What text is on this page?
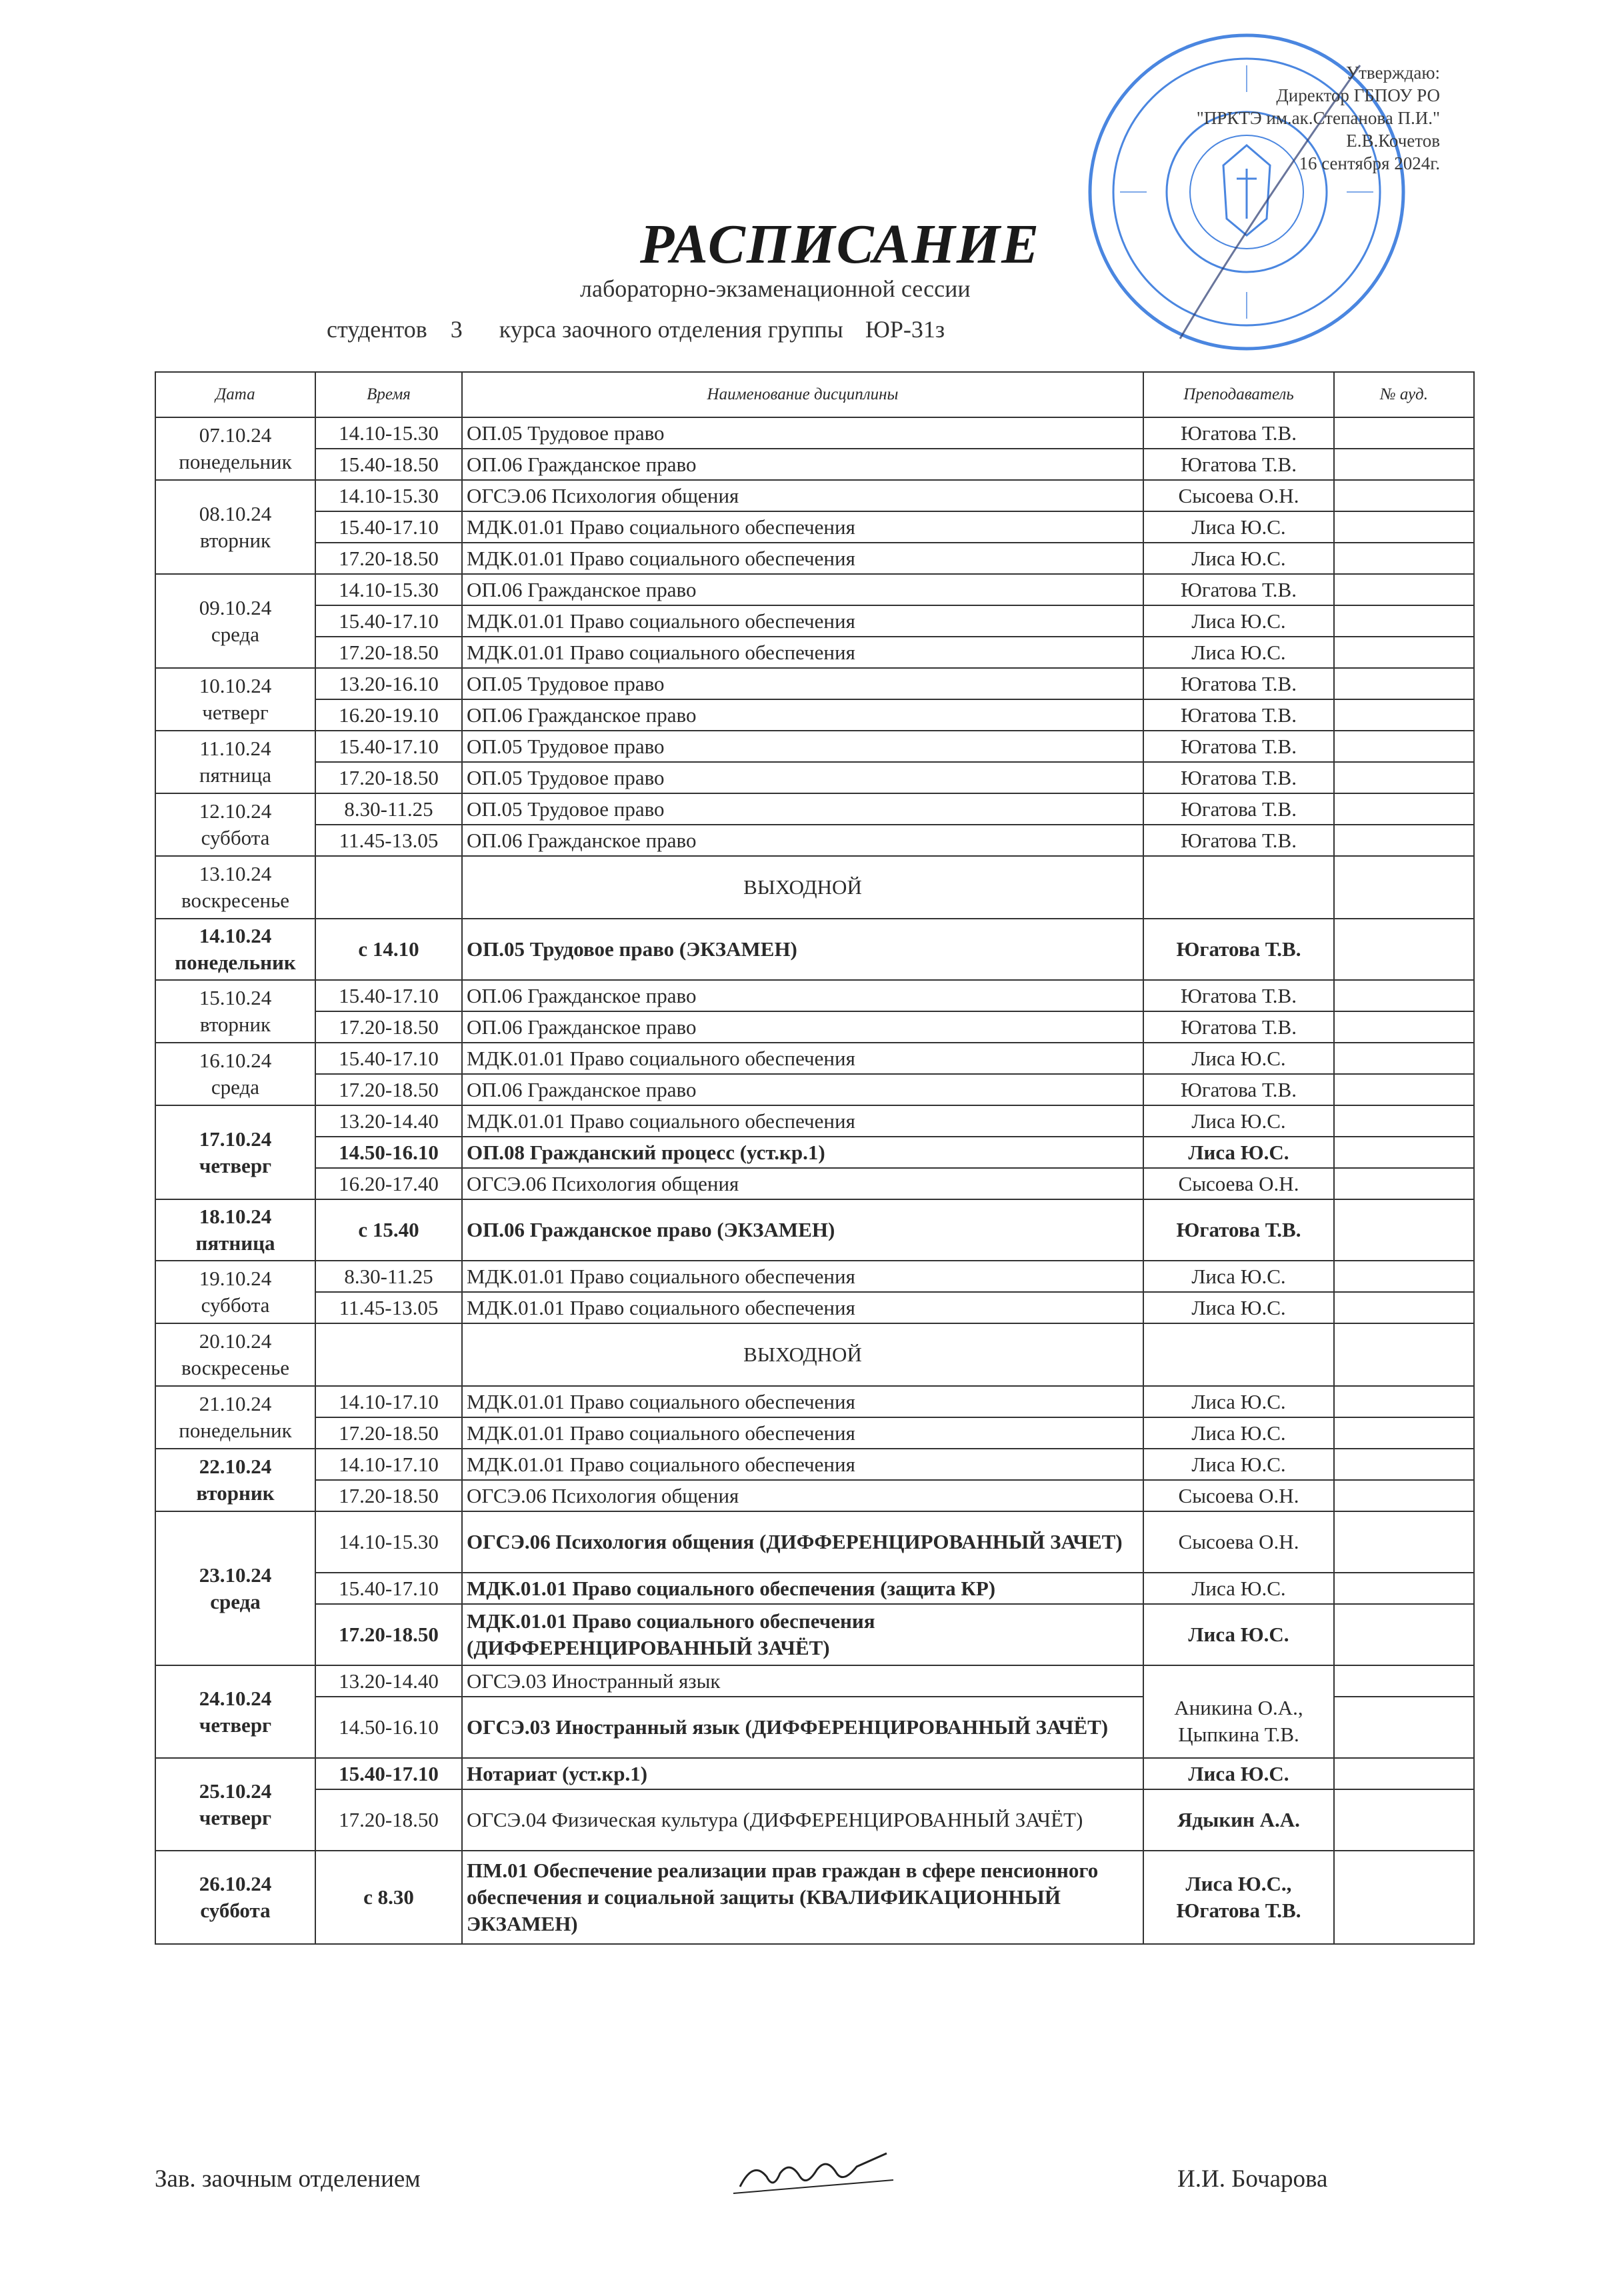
Утверждаю:
Директор ГБПОУ РО
"ПРКТЭ им.ак.Степанова П.И."
Е.В.Кочетов
16 сентября 2024г.
РАСПИСАНИЕ
лабораторно-экзаменационной сессии
студентов 3 курса заочного отделения группы ЮР-31з
Дата	Время	Наименование дисциплины	Преподаватель	№ ауд.

07.10.24
понедельник	14.10-15.30	ОП.05 Трудовое право	Югатова Т.В.	
	15.40-18.50	ОП.06 Гражданское право	Югатова Т.В.	

08.10.24
вторник	14.10-15.30	ОГСЭ.06 Психология общения	Сысоева О.Н.	
	15.40-17.10	МДК.01.01 Право социального обеспечения	Лиса Ю.С.	
	17.20-18.50	МДК.01.01 Право социального обеспечения	Лиса Ю.С.	

09.10.24
среда	14.10-15.30	ОП.06 Гражданское право	Югатова Т.В.	
	15.40-17.10	МДК.01.01 Право социального обеспечения	Лиса Ю.С.	
	17.20-18.50	МДК.01.01 Право социального обеспечения	Лиса Ю.С.	

10.10.24
четверг	13.20-16.10	ОП.05 Трудовое право	Югатова Т.В.	
	16.20-19.10	ОП.06 Гражданское право	Югатова Т.В.	

11.10.24
пятница	15.40-17.10	ОП.05 Трудовое право	Югатова Т.В.	
	17.20-18.50	ОП.05 Трудовое право	Югатова Т.В.	

12.10.24
суббота	8.30-11.25	ОП.05 Трудовое право	Югатова Т.В.	
	11.45-13.05	ОП.06 Гражданское право	Югатова Т.В.	

13.10.24
воскресенье		ВЫХОДНОЙ		

14.10.24
понедельник	с 14.10	ОП.05 Трудовое право (ЭКЗАМЕН)	Югатова Т.В.	

15.10.24
вторник	15.40-17.10	ОП.06 Гражданское право	Югатова Т.В.	
	17.20-18.50	ОП.06 Гражданское право	Югатова Т.В.	

16.10.24
среда	15.40-17.10	МДК.01.01 Право социального обеспечения	Лиса Ю.С.	
	17.20-18.50	ОП.06 Гражданское право	Югатова Т.В.	

17.10.24
четверг	13.20-14.40	МДК.01.01 Право социального обеспечения	Лиса Ю.С.	
	14.50-16.10	ОП.08 Гражданский процесс (уст.кр.1)	Лиса Ю.С.	
	16.20-17.40	ОГСЭ.06 Психология общения	Сысоева О.Н.	

18.10.24
пятница	с 15.40	ОП.06 Гражданское право (ЭКЗАМЕН)	Югатова Т.В.	

19.10.24
суббота	8.30-11.25	МДК.01.01 Право социального обеспечения	Лиса Ю.С.	
	11.45-13.05	МДК.01.01 Право социального обеспечения	Лиса Ю.С.	

20.10.24
воскресенье		ВЫХОДНОЙ		

21.10.24
понедельник	14.10-17.10	МДК.01.01 Право социального обеспечения	Лиса Ю.С.	
	17.20-18.50	МДК.01.01 Право социального обеспечения	Лиса Ю.С.	

22.10.24
вторник	14.10-17.10	МДК.01.01 Право социального обеспечения	Лиса Ю.С.	
	17.20-18.50	ОГСЭ.06 Психология общения	Сысоева О.Н.	

23.10.24
среда	14.10-15.30	ОГСЭ.06 Психология общения (ДИФФЕРЕНЦИРОВАННЫЙ ЗАЧЕТ)	Сысоева О.Н.	
	15.40-17.10	МДК.01.01 Право социального обеспечения (защита КР)	Лиса Ю.С.	
	17.20-18.50	МДК.01.01 Право социального обеспечения (ДИФФЕРЕНЦИРОВАННЫЙ ЗАЧЁТ)	Лиса Ю.С.	

24.10.24
четверг	13.20-14.40	ОГСЭ.03 Иностранный язык	Аникина О.А., Цыпкина Т.В.	
	14.50-16.10	ОГСЭ.03 Иностранный язык (ДИФФЕРЕНЦИРОВАННЫЙ ЗАЧЁТ)		

25.10.24
четверг	15.40-17.10	Нотариат (уст.кр.1)	Лиса Ю.С.	
	17.20-18.50	ОГСЭ.04 Физическая культура (ДИФФЕРЕНЦИРОВАННЫЙ ЗАЧЁТ)	Ядыкин А.А.	

26.10.24
суббота	с 8.30	ПМ.01 Обеспечение реализации прав граждан в сфере пенсионного обеспечения и социальной защиты (КВАЛИФИКАЦИОННЫЙ ЭКЗАМЕН)	Лиса Ю.С., Югатова Т.В.	
Зав. заочным отделением	И.И. Бочарова
